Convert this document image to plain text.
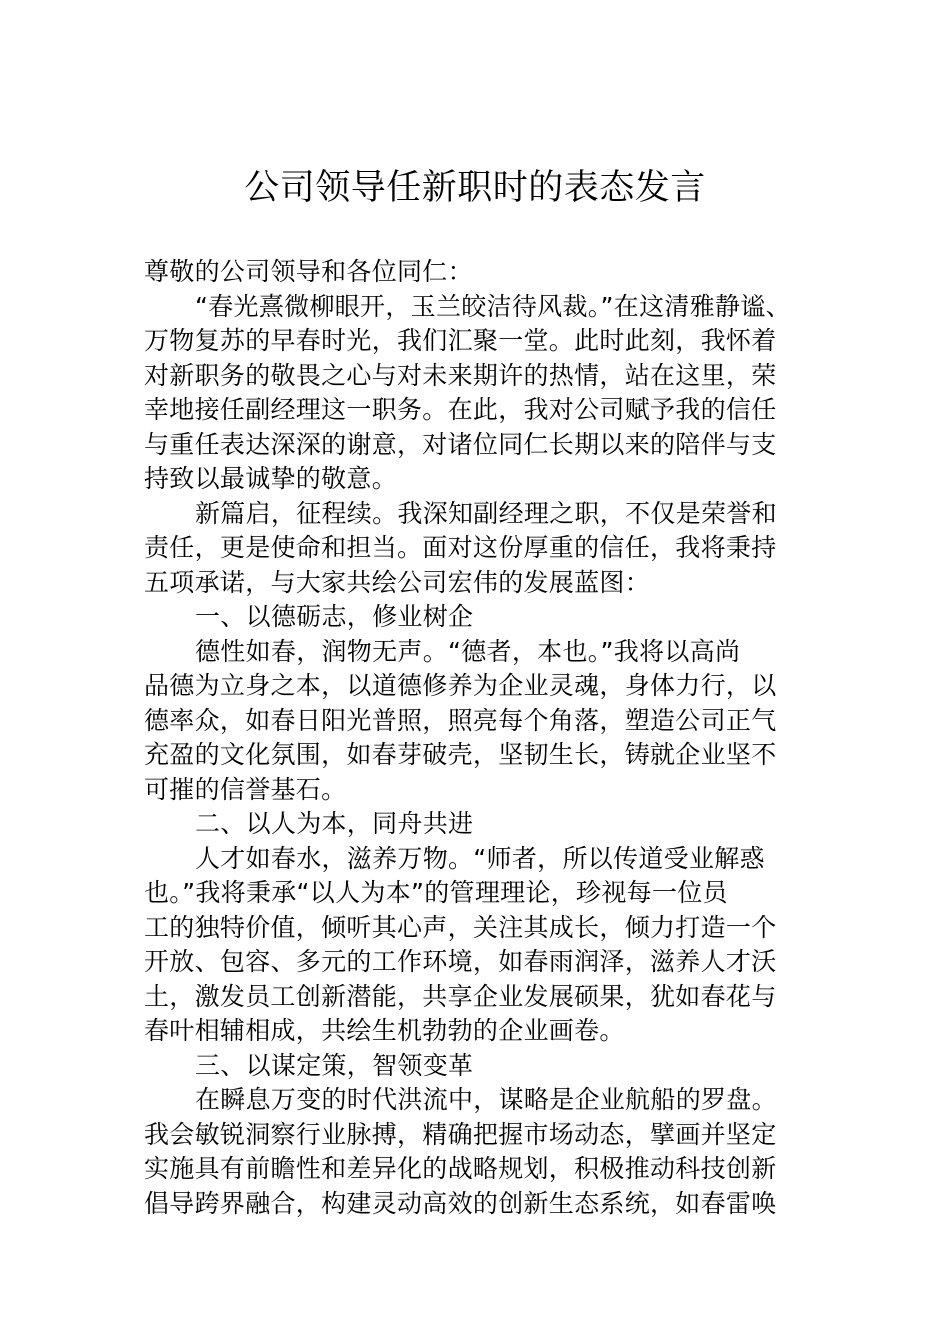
公司领导任新职时的表态发言
尊敬的公司领导和各位同仁：
“春光熹微柳眼开，玉兰皎洁待风裁。”在这清雅静谧、
万物复苏的早春时光，我们汇聚一堂。此时此刻，我怀着
对新职务的敬畏之心与对未来期许的热情，站在这里，荣
幸地接任副经理这一职务。在此，我对公司赋予我的信任
与重任表达深深的谢意，对诸位同仁长期以来的陪伴与支
持致以最诚挚的敬意。
新篇启，征程续。我深知副经理之职，不仅是荣誉和
责任，更是使命和担当。面对这份厚重的信任，我将秉持
五项承诺，与大家共绘公司宏伟的发展蓝图：
一、以德砺志，修业树企
德性如春，润物无声。“德者，本也。”我将以高尚
品德为立身之本，以道德修养为企业灵魂，身体力行，以
德率众，如春日阳光普照，照亮每个角落，塑造公司正气
充盈的文化氛围，如春芽破壳，坚韧生长，铸就企业坚不
可摧的信誉基石。
二、以人为本，同舟共进
人才如春水，滋养万物。“师者，所以传道受业解惑
也。”我将秉承“以人为本”的管理理论，珍视每一位员
工的独特价值，倾听其心声，关注其成长，倾力打造一个
开放、包容、多元的工作环境，如春雨润泽，滋养人才沃
土，激发员工创新潜能，共享企业发展硕果，犹如春花与
春叶相辅相成，共绘生机勃勃的企业画卷。
三、以谋定策，智领变革
在瞬息万变的时代洪流中，谋略是企业航船的罗盘。
我会敏锐洞察行业脉搏，精确把握市场动态，擘画并坚定
实施具有前瞻性和差异化的战略规划，积极推动科技创新
倡导跨界融合，构建灵动高效的创新生态系统，如春雷唤
